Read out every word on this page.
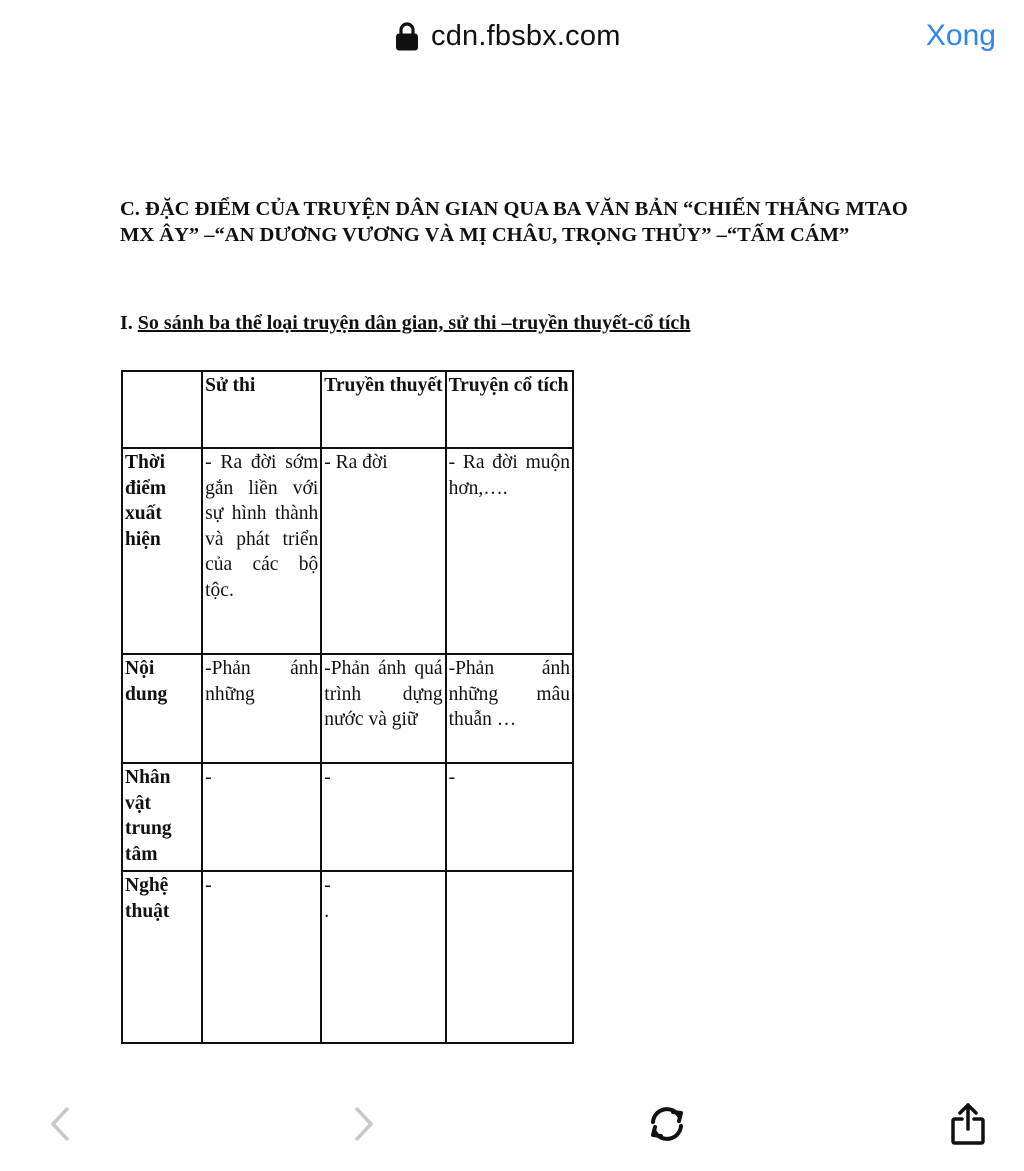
cdn.fbsbx.com	Xong

C. ĐẶC ĐIỂM CỦA TRUYỆN DÂN GIAN QUA BA VĂN BẢN “CHIẾN THẮNG MTAO MX ÂY” –“AN DƯƠNG VƯƠNG VÀ MỊ CHÂU, TRỌNG THỦY” –“TẤM CÁM”

I. So sánh ba thể loại truyện dân gian, sử thi –truyền thuyết-cổ tích
	Sử thi	Truyền thuyết	Truyện cổ tích
Thời điểm xuất hiện	- Ra đời sớm gắn liền với sự hình thành và phát triển của các bộ tộc.	- Ra đời	- Ra đời muộn hơn,….
Nội dung	-Phản ánh những	-Phản ánh quá trình dựng nước và giữ	-Phản ánh những mâu thuẫn …
Nhân vật trung tâm	-	-	-
Nghệ thuật	-	-
.	
